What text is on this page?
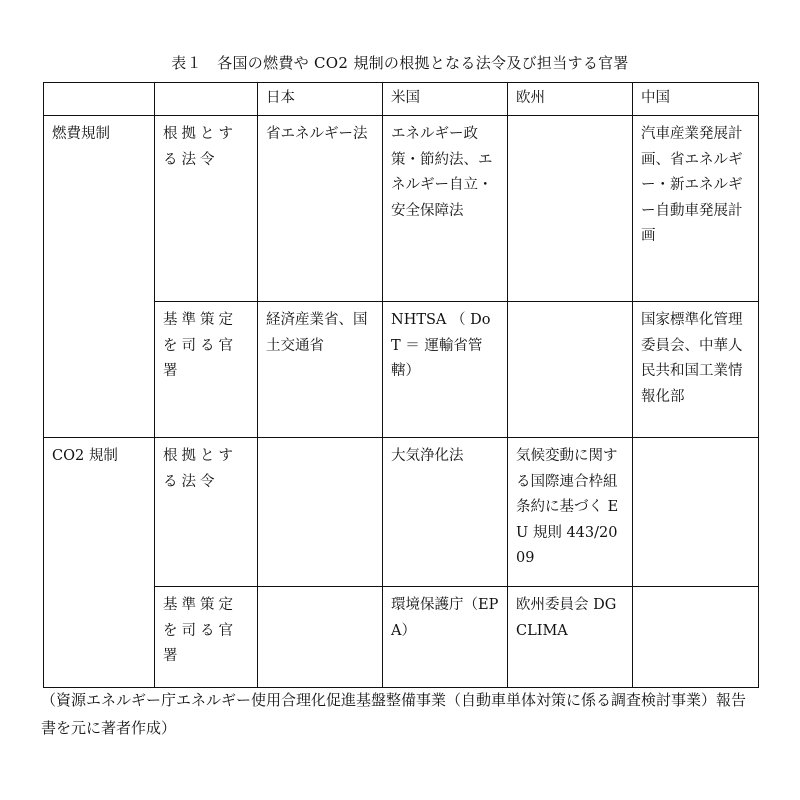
表１　各国の燃費や CO2 規制の根拠となる法令及び担当する官署
		日本	米国	欧州	中国
燃費規制	根拠とする法令	省エネルギー法	エネルギー政策・節約法、エネルギー自立・安全保障法		汽車産業発展計画、省エネルギー・新エネルギー自動車発展計画
	基準策定を司る官署	経済産業省、国土交通省	NHTSA （ DoT ＝ 運輸省管轄）		国家標準化管理委員会、中華人民共和国工業情報化部
CO2 規制	根拠とする法令		大気浄化法	気候変動に関する国際連合枠組条約に基づく EU 規則 443/2009	
	基準策定を司る官署		環境保護庁（EPA）	欧州委員会 DG CLIMA	
（資源エネルギー庁エネルギー使用合理化促進基盤整備事業（自動車単体対策に係る調査検討事業）報告書を元に著者作成）
